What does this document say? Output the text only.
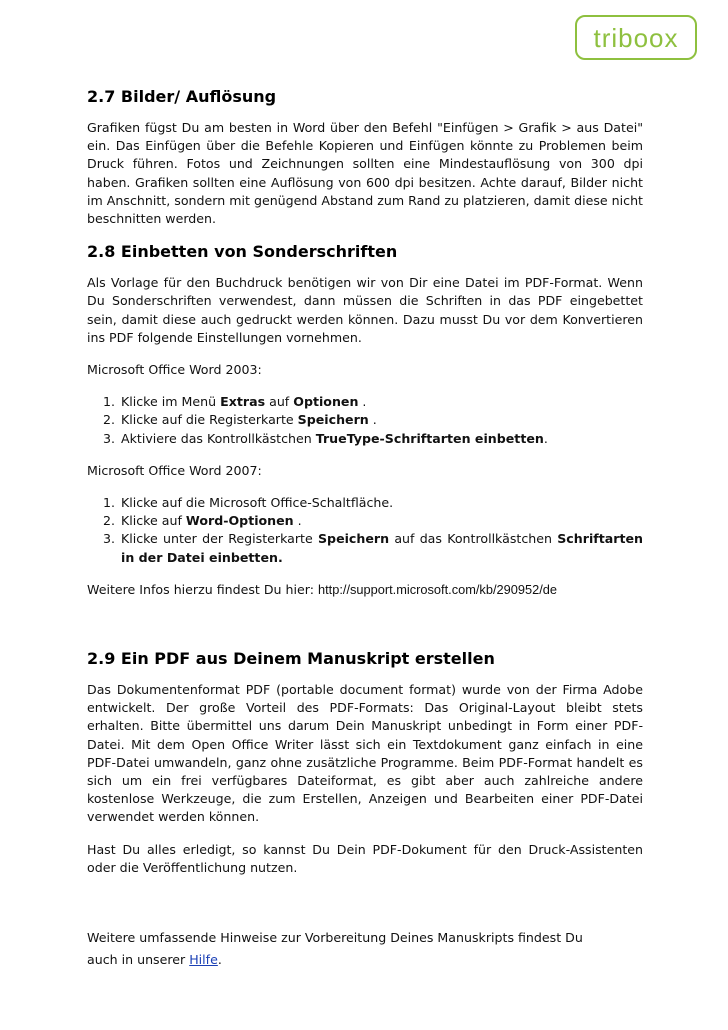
triboox
2.7 Bilder/ Auflösung

Grafiken fügst Du am besten in Word über den Befehl "Einfügen > Grafik > aus Datei" ein. Das Einfügen über die Befehle Kopieren und Einfügen könnte zu Problemen beim Druck führen. Fotos und Zeichnungen sollten eine Mindestauflösung von 300 dpi haben. Grafiken sollten eine Auflösung von 600 dpi besitzen. Achte darauf, Bilder nicht im Anschnitt, sondern mit genügend Abstand zum Rand zu platzieren, damit diese nicht beschnitten werden.

2.8 Einbetten von Sonderschriften

Als Vorlage für den Buchdruck benötigen wir von Dir eine Datei im PDF-Format. Wenn Du Sonderschriften verwendest, dann müssen die Schriften in das PDF eingebettet sein, damit diese auch gedruckt werden können. Dazu musst Du vor dem Konvertieren ins PDF folgende Einstellungen vornehmen.

Microsoft Office Word 2003:

1. Klicke im Menü Extras auf Optionen .
2. Klicke auf die Registerkarte Speichern .
3. Aktiviere das Kontrollkästchen TrueType-Schriftarten einbetten.

Microsoft Office Word 2007:

1. Klicke auf die Microsoft Office-Schaltfläche.
2. Klicke auf Word-Optionen .
3. Klicke unter der Registerkarte Speichern auf das Kontrollkästchen Schriftarten in der Datei einbetten.

Weitere Infos hierzu findest Du hier: http://support.microsoft.com/kb/290952/de

2.9 Ein PDF aus Deinem Manuskript erstellen

Das Dokumentenformat PDF (portable document format) wurde von der Firma Adobe entwickelt. Der große Vorteil des PDF-Formats: Das Original-Layout bleibt stets erhalten. Bitte übermittel uns darum Dein Manuskript unbedingt in Form einer PDF-Datei. Mit dem Open Office Writer lässt sich ein Textdokument ganz einfach in eine PDF-Datei umwandeln, ganz ohne zusätzliche Programme. Beim PDF-Format handelt es sich um ein frei verfügbares Dateiformat, es gibt aber auch zahlreiche andere kostenlose Werkzeuge, die zum Erstellen, Anzeigen und Bearbeiten einer PDF-Datei verwendet werden können.

Hast Du alles erledigt, so kannst Du Dein PDF-Dokument für den Druck-Assistenten oder die Veröffentlichung nutzen.

Weitere umfassende Hinweise zur Vorbereitung Deines Manuskripts findest Du

auch in unserer Hilfe.
